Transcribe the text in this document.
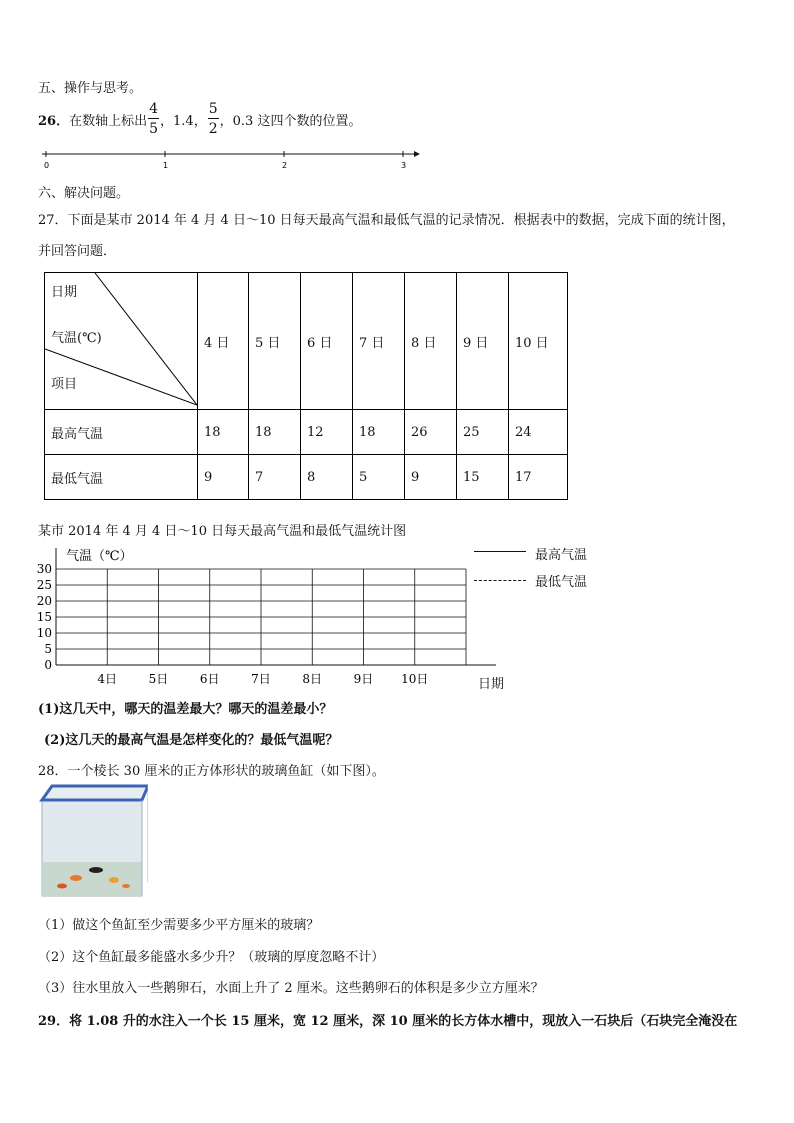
五、操作与思考。
26． 在数轴上标出 $\frac{4}{5}$ ，1.4， $\frac{5}{2}$ ，0.3 这四个数的位置。
0	1	2	3
六、解决问题。
27．下面是某市 2014 年 4 月 4 日～10 日每天最高气温和最低气温的记录情况．根据表中的数据，完成下面的统计图，
并回答问题．
日期
气温(℃)
项目	4 日	5 日	6 日	7 日	8 日	9 日	10 日
最高气温	18	18	12	18	26	25	24
最低气温	9	7	8	5	9	15	17
某市 2014 年 4 月 4 日～10 日每天最高气温和最低气温统计图
0
5
10
15
20
25
30
4日	5日	6日	7日	8日	9日 10日
气温（℃）
日期
最高气温
最低气温
(1)这几天中，哪天的温差最大？哪天的温差最小？
(2)这几天的最高气温是怎样变化的？最低气温呢？
28．一个棱长 30 厘米的正方体形状的玻璃鱼缸（如下图）。
（1）做这个鱼缸至少需要多少平方厘米的玻璃？
（2）这个鱼缸最多能盛水多少升？（玻璃的厚度忽略不计）
（3）往水里放入一些鹅卵石，水面上升了 2 厘米。这些鹅卵石的体积是多少立方厘米？
29．将 1.08 升的水注入一个长 15 厘米，宽 12 厘米，深 10 厘米的长方体水槽中，现放入一石块后（石块完全淹没在
